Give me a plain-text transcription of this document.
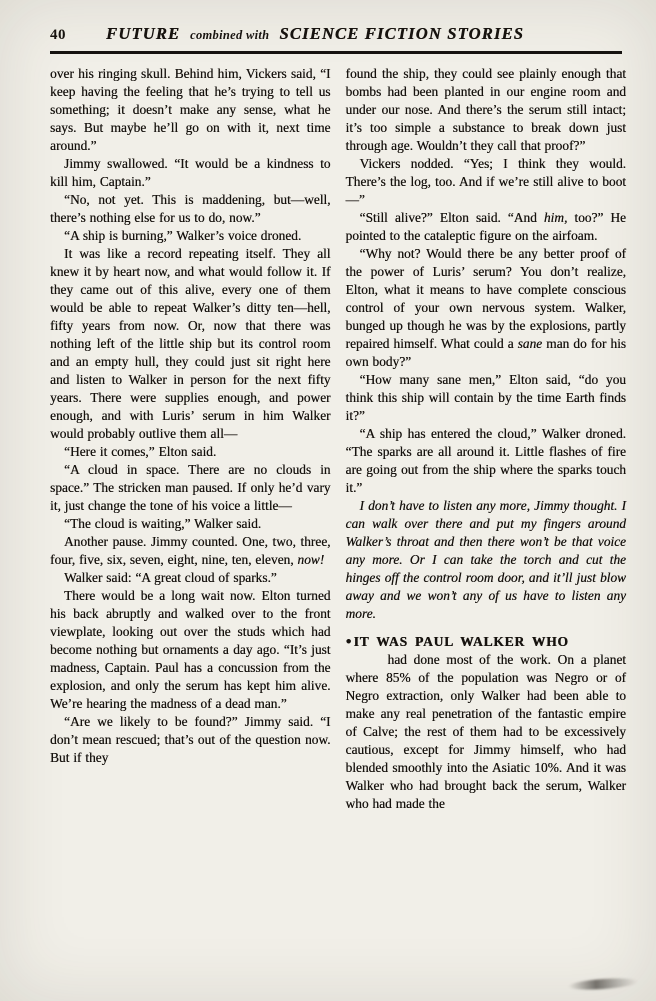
40 FUTURE combined with SCIENCE FICTION STORIES

over his ringing skull. Behind him, Vickers said, “I keep having the feeling that he’s trying to tell us something; it doesn’t make any sense, what he says. But maybe he’ll go on with it, next time around.”

Jimmy swallowed. “It would be a kindness to kill him, Captain.”

“No, not yet. This is maddening, but—well, there’s nothing else for us to do, now.”

“A ship is burning,” Walker’s voice droned.

It was like a record repeating itself. They all knew it by heart now, and what would follow it. If they came out of this alive, every one of them would be able to repeat Walker’s ditty ten—hell, fifty years from now. Or, now that there was nothing left of the little ship but its control room and an empty hull, they could just sit right here and listen to Walker in person for the next fifty years. There were supplies enough, and power enough, and with Luris’ serum in him Walker would probably outlive them all—

“Here it comes,” Elton said.

“A cloud in space. There are no clouds in space.” The stricken man paused. If only he’d vary it, just change the tone of his voice a little—

“The cloud is waiting,” Walker said.

Another pause. Jimmy counted. One, two, three, four, five, six, seven, eight, nine, ten, eleven, now!

Walker said: “A great cloud of sparks.”

There would be a long wait now. Elton turned his back abruptly and walked over to the front viewplate, looking out over the studs which had become nothing but ornaments a day ago. “It’s just madness, Captain. Paul has a concussion from the explosion, and only the serum has kept him alive. We’re hearing the madness of a dead man.”

“Are we likely to be found?” Jimmy said. “I don’t mean rescued; that’s out of the question now. But if they

found the ship, they could see plainly enough that bombs had been planted in our engine room and under our nose. And there’s the serum still intact; it’s too simple a substance to break down just through age. Wouldn’t they call that proof?”

Vickers nodded. “Yes; I think they would. There’s the log, too. And if we’re still alive to boot—”

“Still alive?” Elton said. “And him, too?” He pointed to the cataleptic figure on the airfoam.

“Why not? Would there be any better proof of the power of Luris’ serum? You don’t realize, Elton, what it means to have complete conscious control of your own nervous system. Walker, bunged up though he was by the explosions, partly repaired himself. What could a sane man do for his own body?”

“How many sane men,” Elton said, “do you think this ship will contain by the time Earth finds it?”

“A ship has entered the cloud,” Walker droned. “The sparks are all around it. Little flashes of fire are going out from the ship where the sparks touch it.”

I don’t have to listen any more, Jimmy thought. I can walk over there and put my fingers around Walker’s throat and then there won’t be that voice any more. Or I can take the torch and cut the hinges off the control room door, and it’ll just blow away and we won’t any of us have to listen any more.

● IT WAS PAUL WALKER WHO

had done most of the work. On a planet where 85% of the population was Negro or of Negro extraction, only Walker had been able to make any real penetration of the fantastic empire of Calve; the rest of them had to be excessively cautious, except for Jimmy himself, who had blended smoothly into the Asiatic 10%. And it was Walker who had brought back the serum, Walker who had made the
